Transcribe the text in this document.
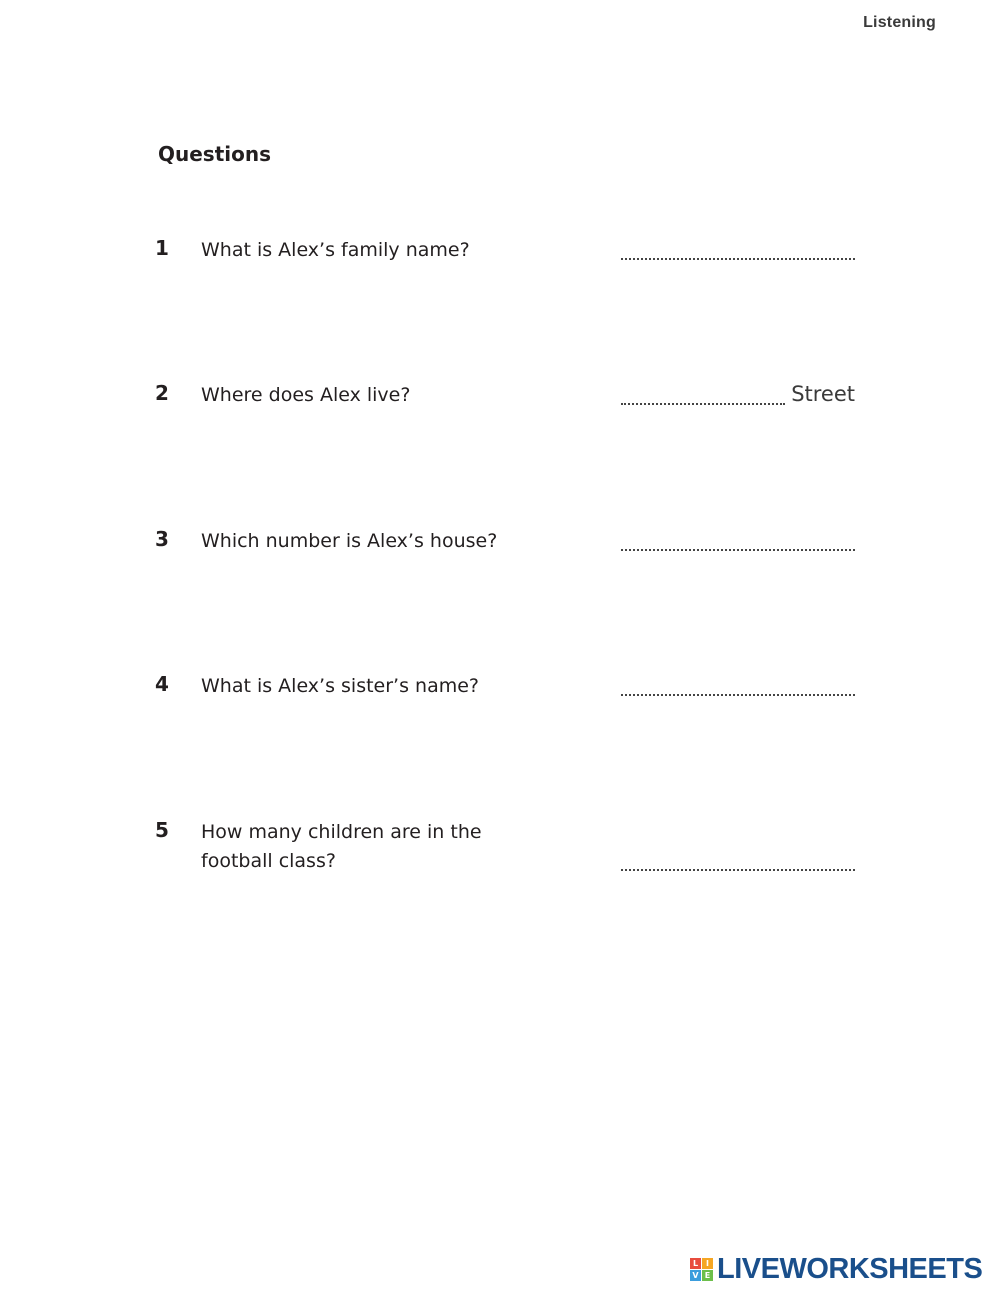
Listening
Questions
1 What is Alex’s family name?
2 Where does Alex live?	Street
3 Which number is Alex’s house?
4 What is Alex’s sister’s name?
5 How many children are in the football class?
L I
V E LIVEWORKSHEETS
